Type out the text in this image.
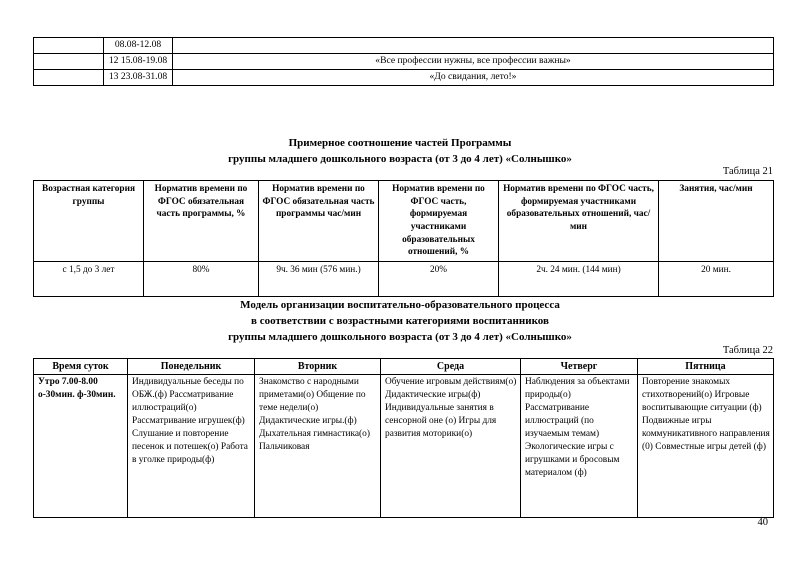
	08.08-12.08	
	12 15.08-19.08	«Все профессии нужны, все профессии важны»
	13 23.08-31.08	«До свидания, лето!»
Примерное соотношение частей Программы
группы младшего дошкольного возраста (от 3 до 4 лет) «Солнышко»
Таблица 21
Возрастная категория группы	Норматив времени по ФГОС обязательная часть программы, %	Норматив времени по ФГОС обязательная часть программы час/мин	Норматив времени по ФГОС часть, формируемая участниками образовательных отношений, %	Норматив времени по ФГОС часть, формируемая участниками образовательных отношений, час/мин	Занятия, час/мин
с 1,5 до 3 лет	80%	9ч. 36 мин (576 мин.)	20%	2ч. 24 мин. (144 мин)	20 мин.
Модель организации воспитательно-образовательного процесса
в соответствии с возрастными категориями воспитанников
группы младшего дошкольного возраста (от 3 до 4 лет) «Солнышко»
Таблица 22
Время суток	Понедельник	Вторник	Среда	Четверг	Пятница
Утро 7.00-8.00 о-30мин. ф-30мин.	Индивидуальные беседы по ОБЖ.(ф) Рассматривание иллюстраций(о) Рассматривание игрушек(ф) Слушание и повторение песенок и потешек(о) Работа в уголке природы(ф)	Знакомство с народными приметами(о) Общение по теме недели(о) Дидактические игры.(ф) Дыхательная гимнастика(о) Пальчиковая	Обучение игровым действиям(о) Дидактические игры(ф) Индивидуальные занятия в сенсорной оне (о) Игры для развития моторики(о)	Наблюдения за объектами природы(о) Рассматривание иллюстраций (по изучаемым темам) Экологические игры с игрушками и бросовым материалом (ф)	Повторение знакомых стихотворений(о) Игровые воспитывающие ситуации (ф) Подвижные игры коммуникативного направления (0) Совместные игры детей (ф)
40
